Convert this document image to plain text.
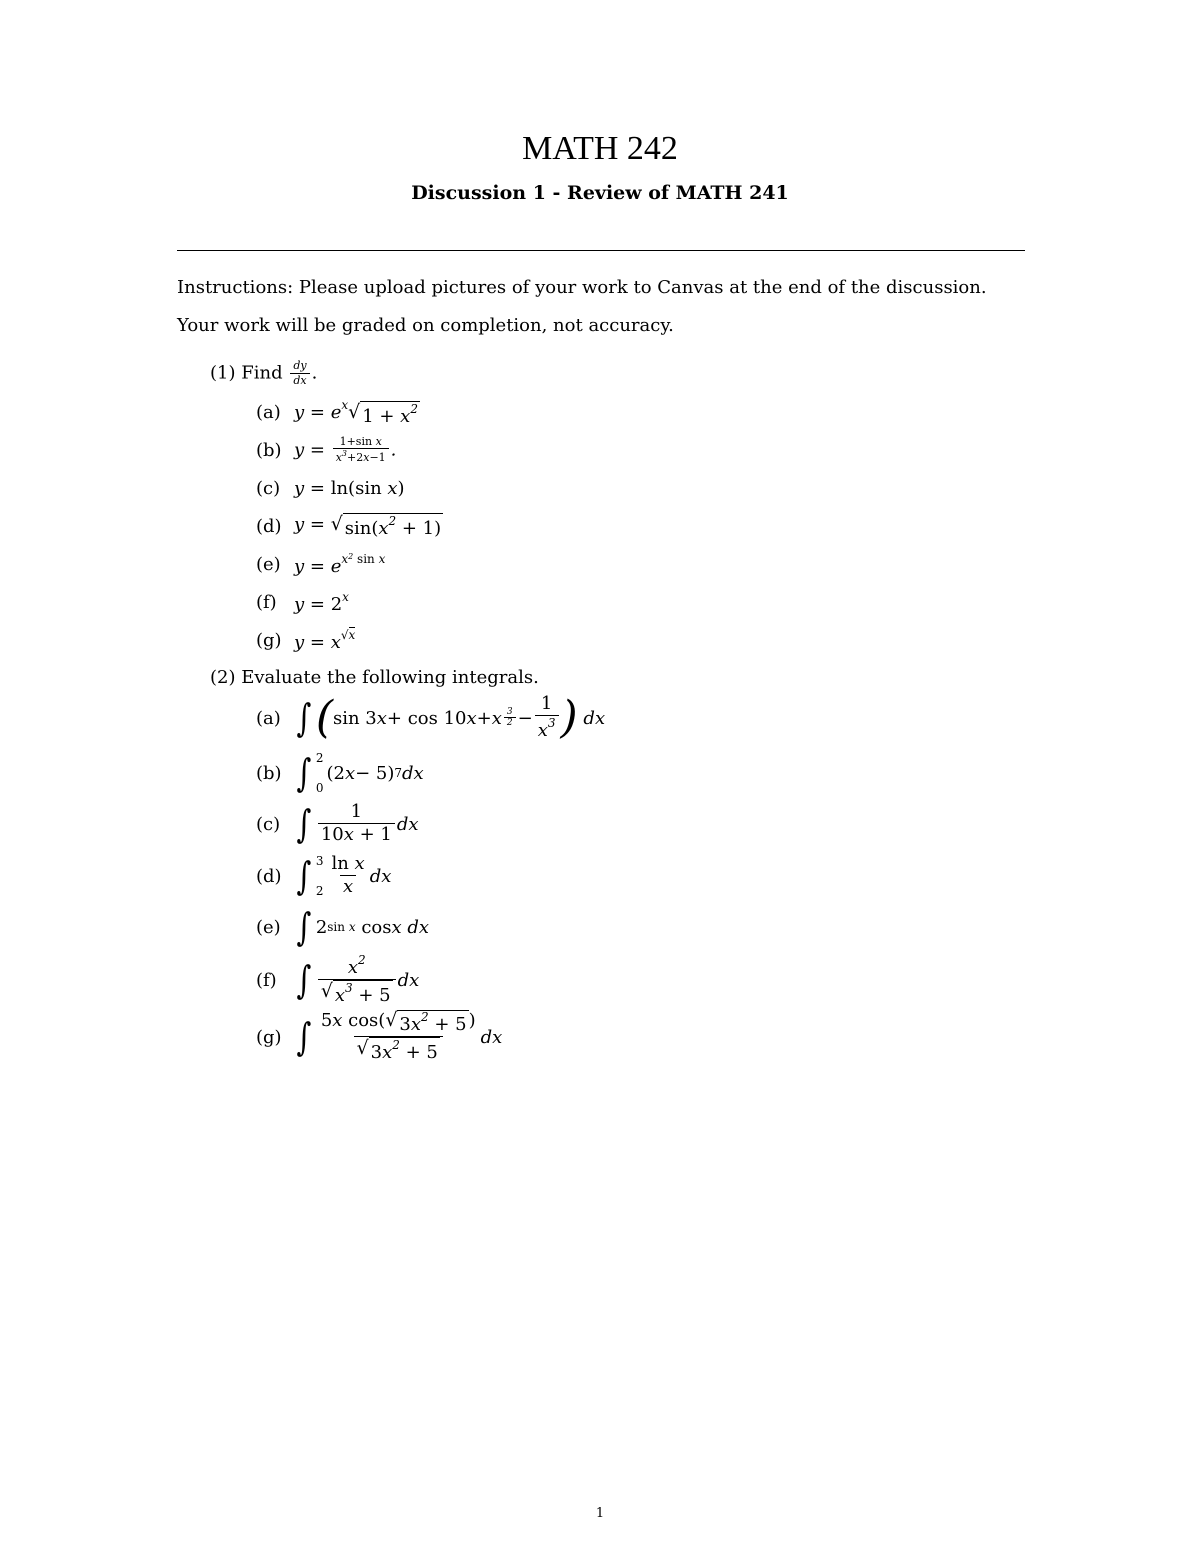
MATH 242
Discussion 1 - Review of MATH 241
Instructions: Please upload pictures of your work to Canvas at the end of the discussion.
Your work will be graded on completion, not accuracy.
(1) Find $\frac{dy}{dx}$ .
(a) $y = e^x$ √ $1 + x^2$
(b) $y = \frac{\text{1+sin x}}{x^3+2x-1}$ .
(c) y = ln(sin x)
(d) y = √ $\sin(x^2 + 1)$
(e) $y = e^{x^2 sin x}$
(f) $y = 2^x$
(g) $y = x^{√x}$
(2) Evaluate the following integrals.
(a) ∫ ( sin 3 x + cos 10 x + x $\frac{3}{2} - \frac{1}{x^3}$ ) dx
(b) ∫ 2
0
(2 x − 5) 7 dx
(c) ∫ $\frac{1}{10x + 1}$ dx
(d) ∫ 3
$2 \frac{\text{ln x}}{x}$ dx
(e) ∫ 2 sin x cos x dx
(f) ∫ $\frac{x^2}{√ x^3 + 5}$ dx
(g) ∫ $\frac{5x \cos( √ 3x^2 + 5 )}{√ 3x^2 + 5}$ dx
1
